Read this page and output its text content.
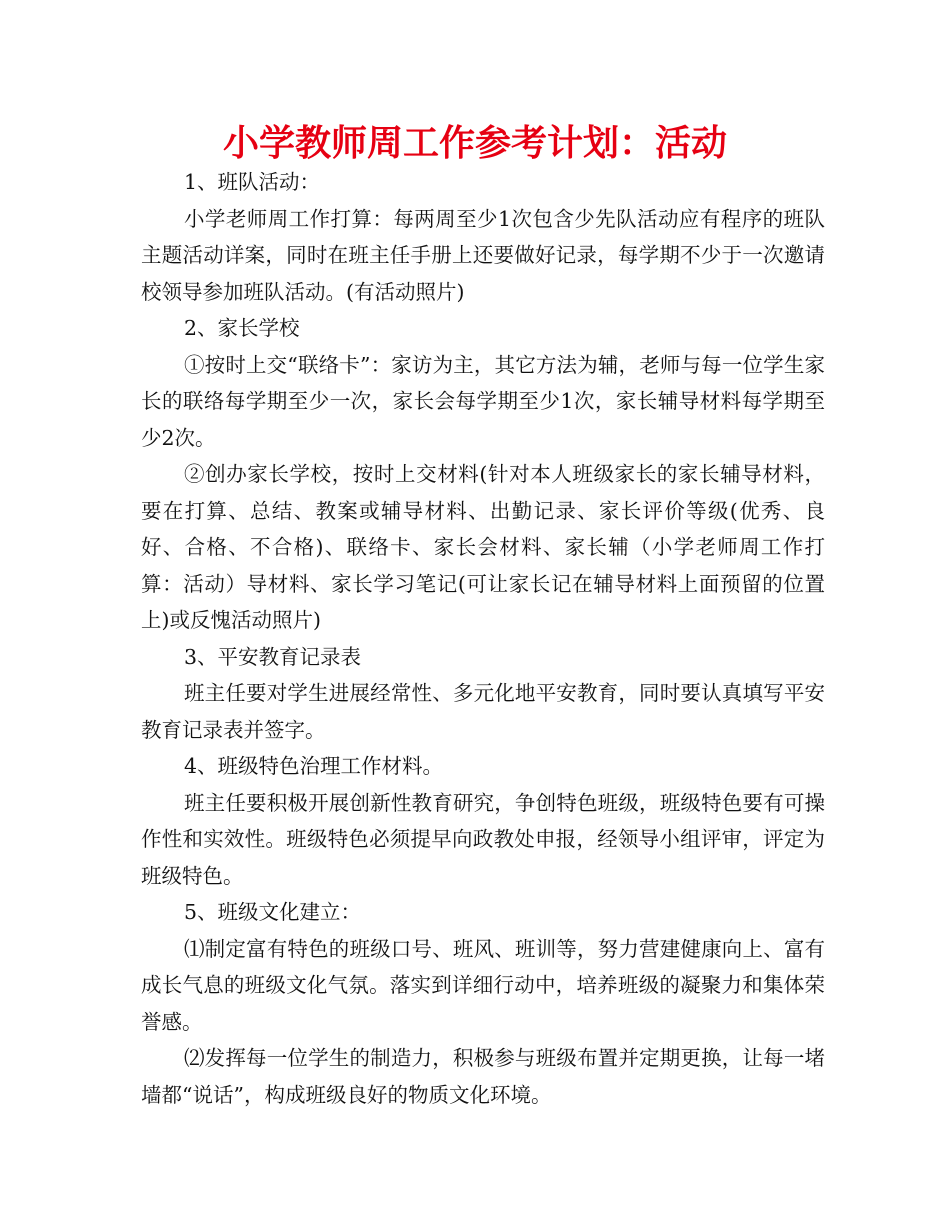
小学教师周工作参考计划：活动

1、班队活动：

小学老师周工作打算：每两周至少1次包含少先队活动应有程序的班队主题活动详案，同时在班主任手册上还要做好记录，每学期不少于一次邀请校领导参加班队活动。(有活动照片)

2、家长学校

①按时上交“联络卡”：家访为主，其它方法为辅，老师与每一位学生家长的联络每学期至少一次，家长会每学期至少1次，家长辅导材料每学期至少2次。

②创办家长学校，按时上交材料(针对本人班级家长的家长辅导材料，要在打算、总结、教案或辅导材料、出勤记录、家长评价等级(优秀、良好、合格、不合格)、联络卡、家长会材料、家长辅（小学老师周工作打算：活动）导材料、家长学习笔记(可让家长记在辅导材料上面预留的位置上)或反愧活动照片)

3、平安教育记录表

班主任要对学生进展经常性、多元化地平安教育，同时要认真填写平安教育记录表并签字。

4、班级特色治理工作材料。

班主任要积极开展创新性教育研究，争创特色班级，班级特色要有可操作性和实效性。班级特色必须提早向政教处申报，经领导小组评审，评定为班级特色。

5、班级文化建立：

⑴制定富有特色的班级口号、班风、班训等，努力营建健康向上、富有成长气息的班级文化气氛。落实到详细行动中，培养班级的凝聚力和集体荣誉感。

⑵发挥每一位学生的制造力，积极参与班级布置并定期更换，让每一堵墙都“说话”，构成班级良好的物质文化环境。
